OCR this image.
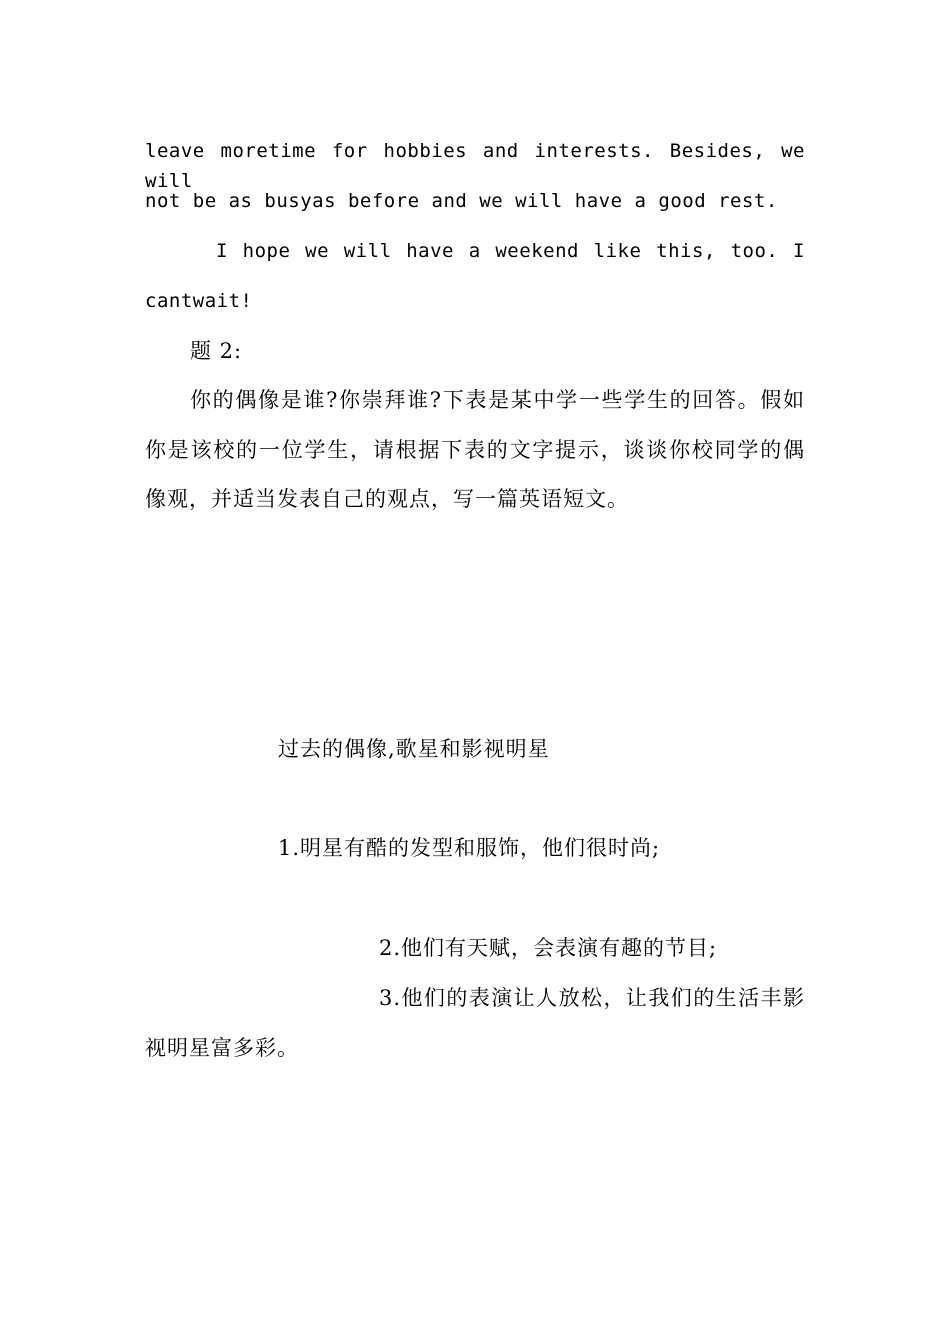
leave moretime for hobbies and interests. Besides, we will
not be as busyas before and we will have a good rest.
I hope we will have a weekend like this, too. I
cantwait!
题 2:
你的偶像是谁?你崇拜谁?下表是某中学一些学生的回答。假如
你是该校的一位学生，请根据下表的文字提示，谈谈你校同学的偶
像观，并适当发表自己的观点，写一篇英语短文。
过去的偶像,歌星和影视明星
1.明星有酷的发型和服饰，他们很时尚;
2.他们有天赋，会表演有趣的节目;
3.他们的表演让人放松，让我们的生活丰影
视明星富多彩。
